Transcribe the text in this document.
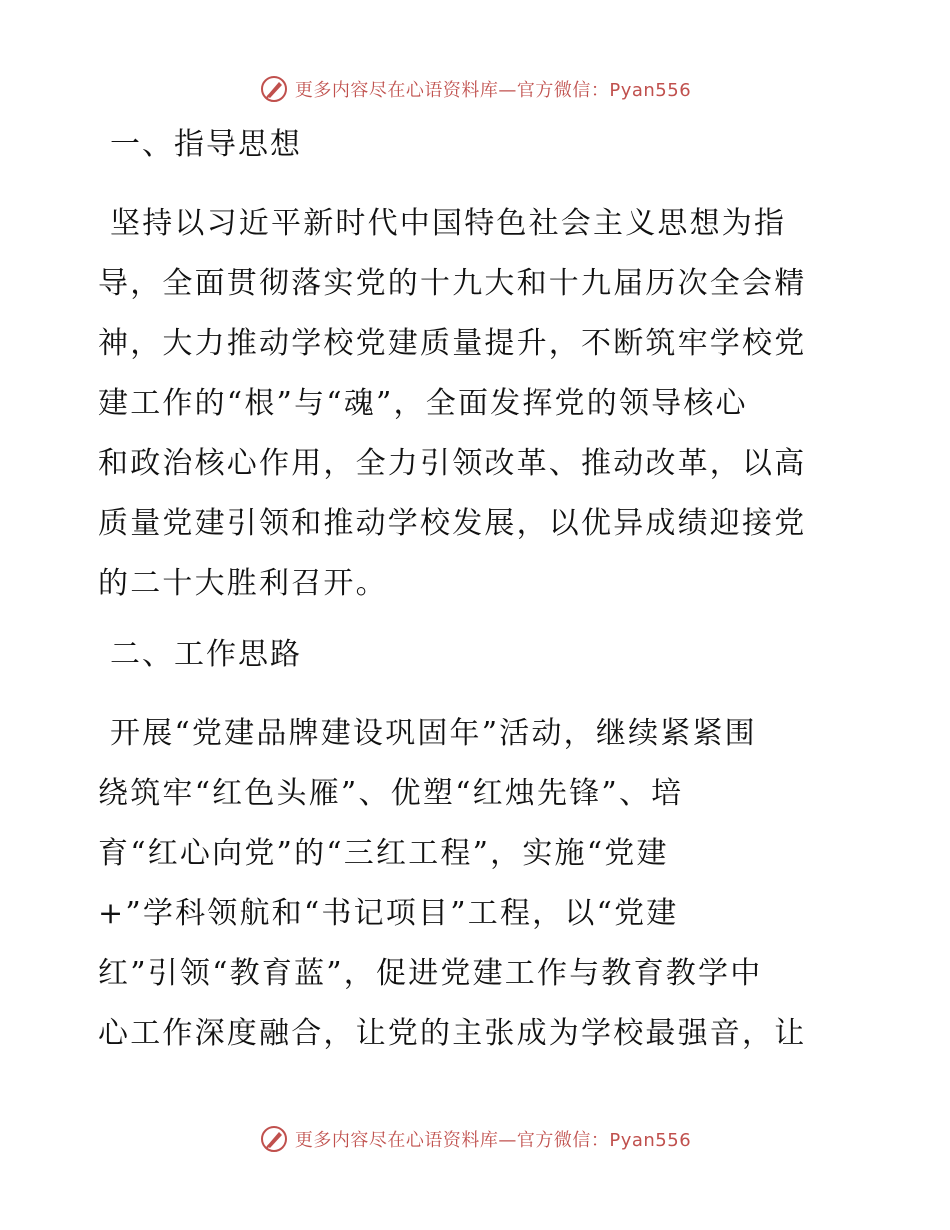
更多内容尽在心语资料库—官方微信：Pyan556
一、指导思想

坚持以习近平新时代中国特色社会主义思想为指

导，全面贯彻落实党的十九大和十九届历次全会精

神，大力推动学校党建质量提升，不断筑牢学校党

建工作的“根”与“魂”，全面发挥党的领导核心

和政治核心作用，全力引领改革、推动改革，以高

质量党建引领和推动学校发展，以优异成绩迎接党

的二十大胜利召开。

二、工作思路

开展“党建品牌建设巩固年”活动，继续紧紧围

绕筑牢“红色头雁”、优塑“红烛先锋”、培

育“红心向党”的“三红工程”，实施“党建

+”学科领航和“书记项目”工程，以“党建

红”引领“教育蓝”，促进党建工作与教育教学中

心工作深度融合，让党的主张成为学校最强音，让

更多内容尽在心语资料库—官方微信：Pyan556
